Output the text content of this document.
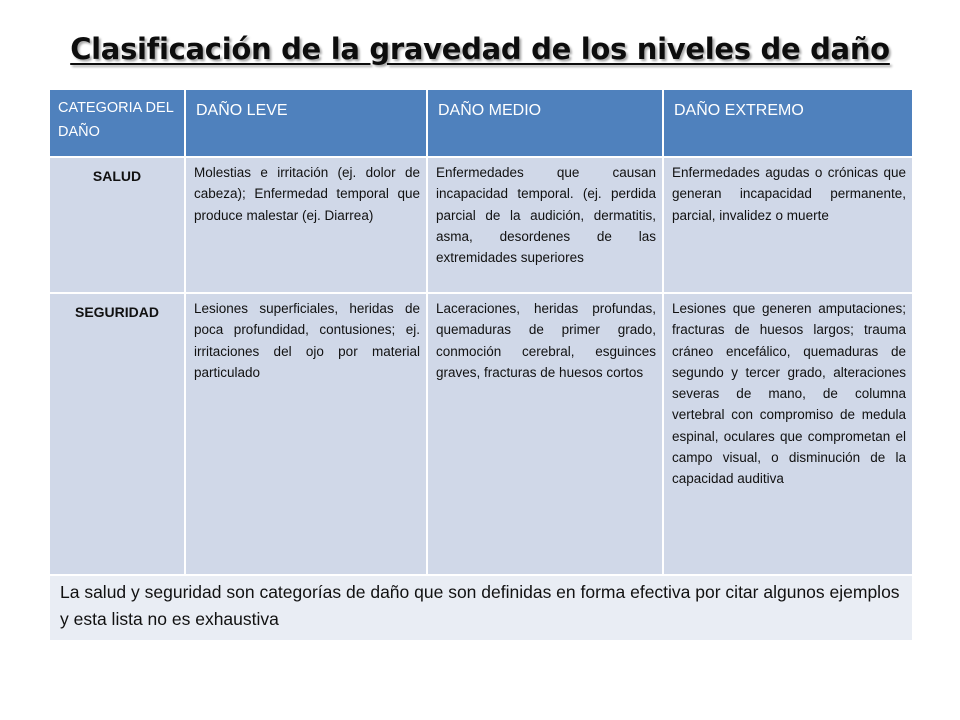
Clasificación de la gravedad de los niveles de daño
CATEGORIA DEL DAÑO	DAÑO LEVE	DAÑO MEDIO	DAÑO EXTREMO
SALUD	Molestias e irritación (ej. dolor de cabeza); Enfermedad temporal que produce malestar (ej. Diarrea)	Enfermedades que causan incapacidad temporal. (ej. perdida parcial de la audición, dermatitis, asma, desordenes de las extremidades superiores	Enfermedades agudas o crónicas que generan incapacidad permanente, parcial, invalidez o muerte
SEGURIDAD	Lesiones superficiales, heridas de poca profundidad, contusiones; ej. irritaciones del ojo por material particulado	Laceraciones, heridas profundas, quemaduras de primer grado, conmoción cerebral, esguinces graves, fracturas de huesos cortos	Lesiones que generen amputaciones; fracturas de huesos largos; trauma cráneo encefálico, quemaduras de segundo y tercer grado, alteraciones severas de mano, de columna vertebral con compromiso de medula espinal, oculares que comprometan el campo visual, o disminución de la capacidad auditiva
La salud y seguridad son categorías de daño que son definidas en forma efectiva por citar algunos ejemplos y esta lista no es exhaustiva			
